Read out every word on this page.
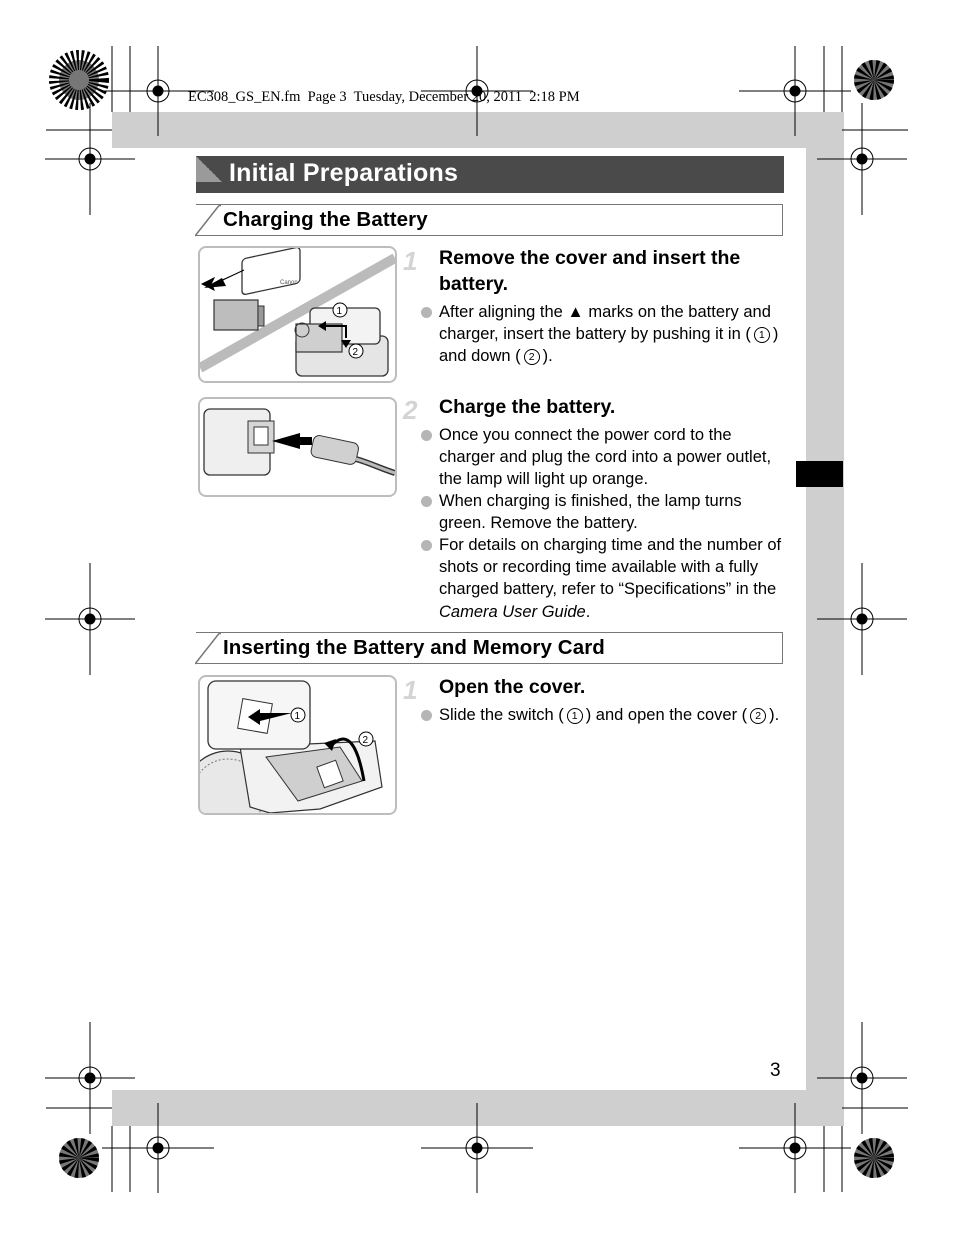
EC308_GS_EN.fm  Page 3  Tuesday, December 20, 2011  2:18 PM
Initial Preparations
Charging the Battery
Canon
1
2
1 Remove the cover and insert the battery.
After aligning the ▲ marks on the battery and charger, insert the battery by pushing it in ( 1 ) and down ( 2 ).
2 Charge the battery.
Once you connect the power cord to the charger and plug the cord into a power outlet, the lamp will light up orange.
When charging is finished, the lamp turns green. Remove the battery.
For details on charging time and the number of shots or recording time available with a fully charged battery, refer to “Specifications” in the Camera User Guide.
Inserting the Battery and Memory Card
1
2
1 Open the cover.
Slide the switch ( 1 ) and open the cover ( 2 ).
3
